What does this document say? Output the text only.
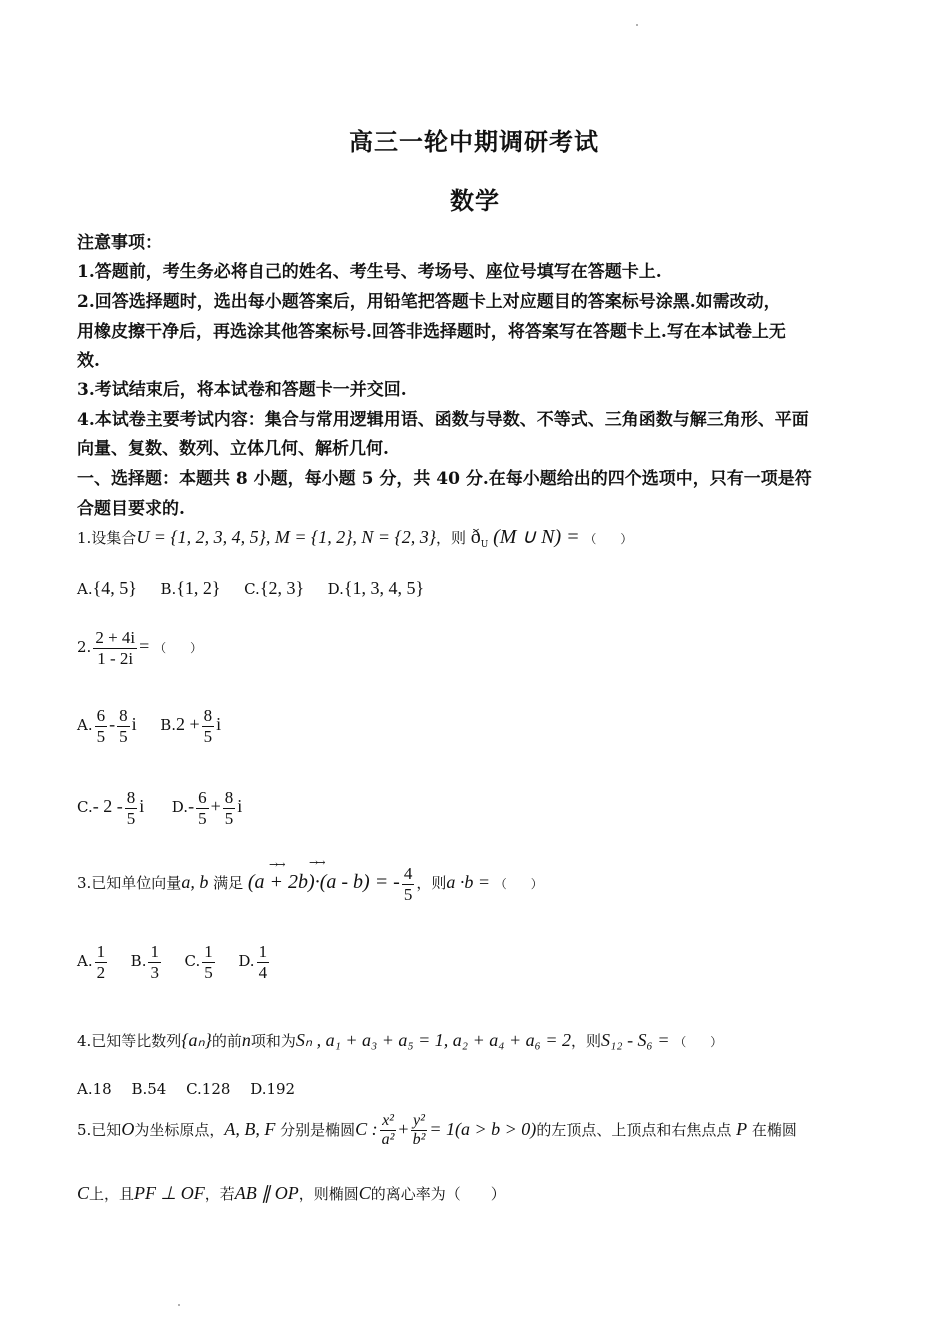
高三一轮中期调研考试
数学
注意事项：
1.答题前，考生务必将自己的姓名、考生号、考场号、座位号填写在答题卡上.
2.回答选择题时，选出每小题答案后，用铅笔把答题卡上对应题目的答案标号涂黑.如需改动，
用橡皮擦干净后，再选涂其他答案标号.回答非选择题时，将答案写在答题卡上.写在本试卷上无
效.
3.考试结束后，将本试卷和答题卡一并交回.
4.本试卷主要考试内容：集合与常用逻辑用语、函数与导数、不等式、三角函数与解三角形、平面
向量、复数、数列、立体几何、解析几何.
一、选择题：本题共 8 小题，每小题 5 分，共 40 分.在每小题给出的四个选项中，只有一项是符
合题目要求的.
1.设集合U = {1, 2, 3, 4, 5}, M = {1, 2}, N = {2, 3}，则 $ð_U$ (M ∪ N) = （　　）
A.{4, 5} B.{1, 2} C.{2, 3} D.{1, 3, 4, 5}
2. $\frac{2 + 4i}{1 - 2i}$ = （　　）
A. $\frac{6}{5} - \frac{8}{5}$ i $B.2 + \frac{8}{5}$ i
C.- $2 - \frac{8}{5}$ i $D.- \frac{6}{5} + \frac{8}{5}$ i
→→ →→
3.已知单位向量a, b 满足 (a + 2b)·(a - b) = - $\frac{4}{5}$ ，则a ·b = （　　）
A. $\frac{1}{2} B$. $\frac{1}{3} C$. $\frac{1}{5} D$. $\frac{1}{4}$
4.已知等比数列{aₙ}的前n项和为Sₙ , a₁ + a₃ + a₅ = 1, a₂ + a₄ + a₆ = 2，则S₁₂ - S₆ = （　　）
A.18　 B.54　 C.128　 D.192
5.已知O为坐标原点，A, B, F 分别是椭圆C : $\frac{\text{x²}}{\text{a²}} + \frac{\text{y²}}{\text{b²}} = 1(a > b > 0)$的左顶点、上顶点和右焦点点 P 在椭圆
C上，且PF ⊥ OF，若AB ∥ OP，则椭圆C的离心率为（　　）
